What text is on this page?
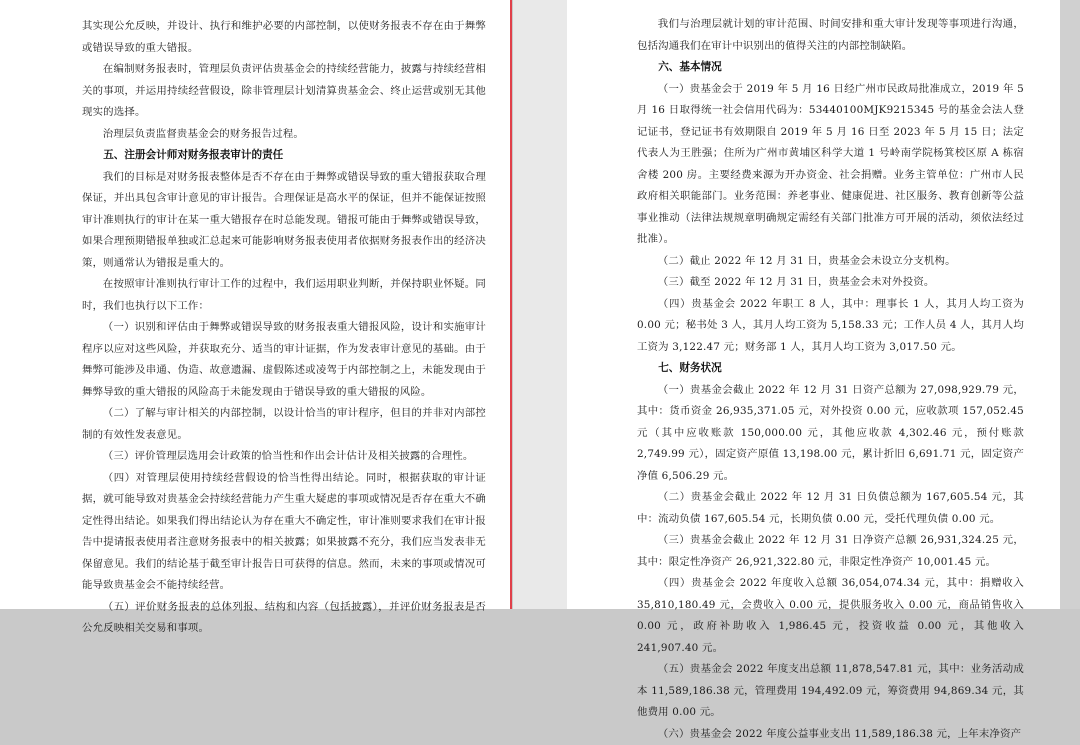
其实现公允反映，并设计、执行和维护必要的内部控制，以使财务报表不存在由于舞弊或错误导致的重大错报。

在编制财务报表时，管理层负责评估贵基金会的持续经营能力，披露与持续经营相关的事项，并运用持续经营假设，除非管理层计划清算贵基金会、终止运营或别无其他现实的选择。

治理层负责监督贵基金会的财务报告过程。

五、注册会计师对财务报表审计的责任

我们的目标是对财务报表整体是否不存在由于舞弊或错误导致的重大错报获取合理保证，并出具包含审计意见的审计报告。合理保证是高水平的保证，但并不能保证按照审计准则执行的审计在某一重大错报存在时总能发现。错报可能由于舞弊或错误导致，如果合理预期错报单独或汇总起来可能影响财务报表使用者依据财务报表作出的经济决策，则通常认为错报是重大的。

在按照审计准则执行审计工作的过程中，我们运用职业判断，并保持职业怀疑。同时，我们也执行以下工作：

（一）识别和评估由于舞弊或错误导致的财务报表重大错报风险，设计和实施审计程序以应对这些风险，并获取充分、适当的审计证据，作为发表审计意见的基础。由于舞弊可能涉及串通、伪造、故意遗漏、虚假陈述或凌驾于内部控制之上，未能发现由于舞弊导致的重大错报的风险高于未能发现由于错误导致的重大错报的风险。

（二）了解与审计相关的内部控制，以设计恰当的审计程序，但目的并非对内部控制的有效性发表意见。

（三）评价管理层选用会计政策的恰当性和作出会计估计及相关披露的合理性。

（四）对管理层使用持续经营假设的恰当性得出结论。同时，根据获取的审计证据，就可能导致对贵基金会持续经营能力产生重大疑虑的事项或情况是否存在重大不确定性得出结论。如果我们得出结论认为存在重大不确定性，审计准则要求我们在审计报告中提请报表使用者注意财务报表中的相关披露；如果披露不充分，我们应当发表非无保留意见。我们的结论基于截至审计报告日可获得的信息。然而，未来的事项或情况可能导致贵基金会不能持续经营。

（五）评价财务报表的总体列报、结构和内容（包括披露），并评价财务报表是否公允反映相关交易和事项。

我们与治理层就计划的审计范围、时间安排和重大审计发现等事项进行沟通，包括沟通我们在审计中识别出的值得关注的内部控制缺陷。

六、基本情况

（一）贵基金会于 2019 年 5 月 16 日经广州市民政局批准成立，2019 年 5 月 16 日取得统一社会信用代码为：53440100MJK9215345 号的基金会法人登记证书，登记证书有效期限自 2019 年 5 月 16 日至 2023 年 5 月 15 日；法定代表人为王胜强；住所为广州市黄埔区科学大道 1 号岭南学院杨箕校区原 A 栋宿舍楼 200 房。主要经费来源为开办资金、社会捐赠。业务主管单位：广州市人民政府相关职能部门。业务范围：养老事业、健康促进、社区服务、教育创新等公益事业推动（法律法规规章明确规定需经有关部门批准方可开展的活动，须依法经过批准）。

（二）截止 2022 年 12 月 31 日，贵基金会未设立分支机构。

（三）截至 2022 年 12 月 31 日，贵基金会未对外投资。

（四）贵基金会 2022 年职工 8 人，其中：理事长 1 人，其月人均工资为 0.00 元；秘书处 3 人，其月人均工资为 5,158.33 元；工作人员 4 人，其月人均工资为 3,122.47 元；财务部 1 人，其月人均工资为 3,017.50 元。

七、财务状况

（一）贵基金会截止 2022 年 12 月 31 日资产总额为 27,098,929.79 元，其中：货币资金 26,935,371.05 元，对外投资 0.00 元，应收款项 157,052.45 元（其中应收账款 150,000.00 元，其他应收款 4,302.46 元，预付账款 2,749.99 元），固定资产原值 13,198.00 元，累计折旧 6,691.71 元，固定资产净值 6,506.29 元。

（二）贵基金会截止 2022 年 12 月 31 日负债总额为 167,605.54 元，其中：流动负债 167,605.54 元，长期负债 0.00 元，受托代理负债 0.00 元。

（三）贵基金会截止 2022 年 12 月 31 日净资产总额 26,931,324.25 元，其中：限定性净资产 26,921,322.80 元，非限定性净资产 10,001.45 元。

（四）贵基金会 2022 年度收入总额 36,054,074.34 元，其中：捐赠收入 35,810,180.49 元，会费收入 0.00 元，提供服务收入 0.00 元，商品销售收入 0.00 元，政府补助收入 1,986.45 元，投资收益 0.00 元，其他收入 241,907.40 元。

（五）贵基金会 2022 年度支出总额 11,878,547.81 元，其中：业务活动成本 11,589,186.38 元，管理费用 194,492.09 元，筹资费用 94,869.34 元，其他费用 0.00 元。

（六）贵基金会 2022 年度公益事业支出 11,589,186.38 元，上年末净资产
